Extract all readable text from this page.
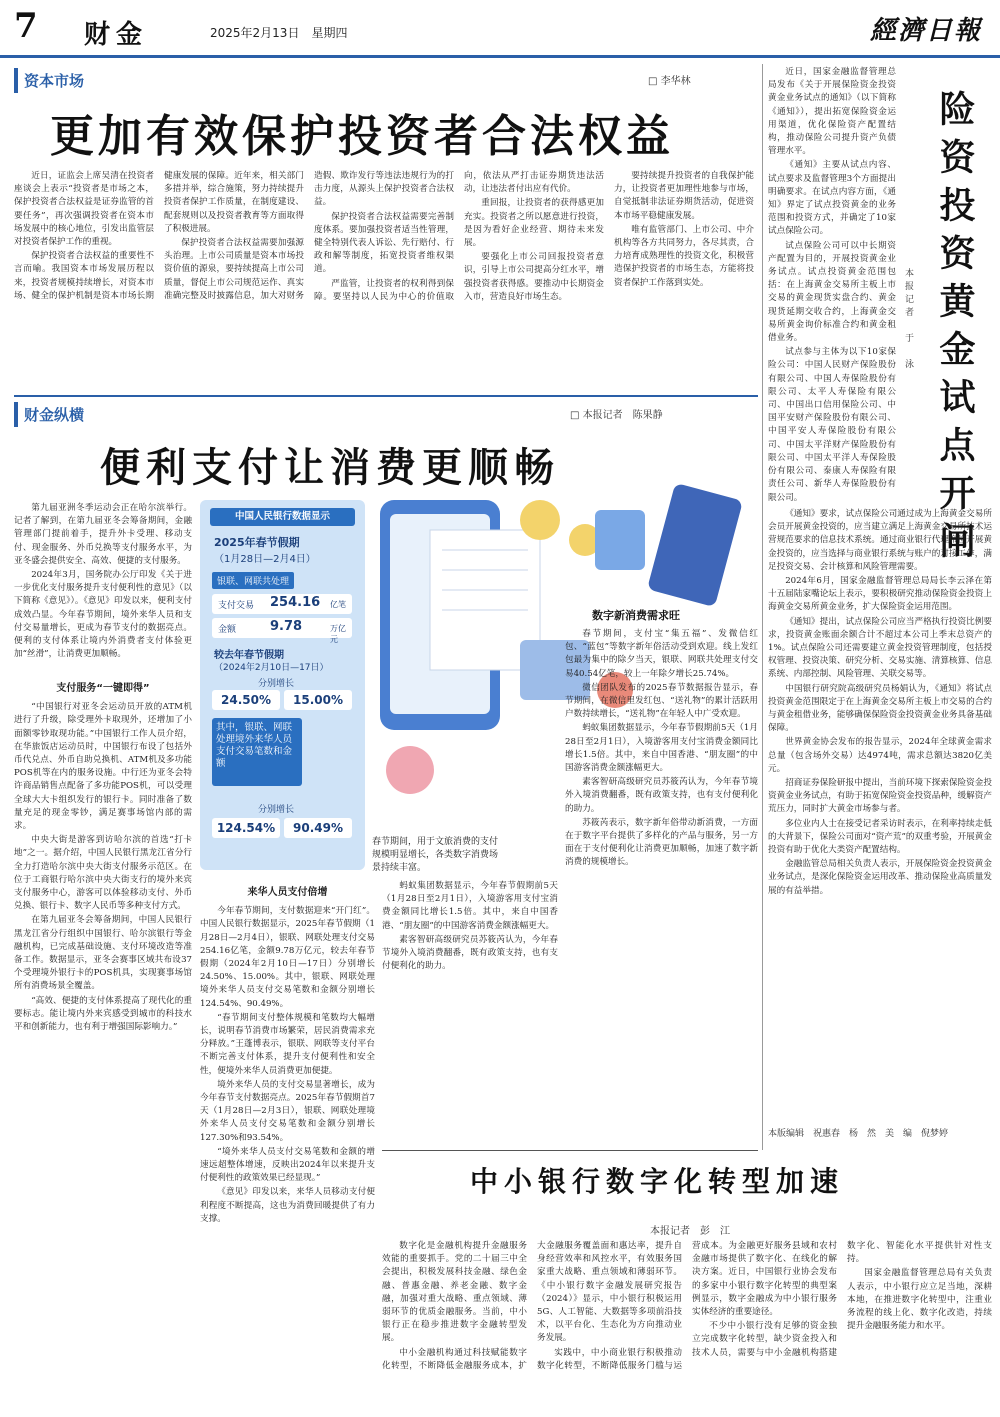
7 财金	2025年2月13日　星期四	經濟日報
资本市场	□ 李华林
更加有效保护投资者合法权益

近日，证监会上席吴清在投资者座谈会上表示“投资者是市场之本，保护投资者合法权益是证券监管的首要任务”，再次强调投资者在资本市场发展中的核心地位，引发出监管层对投资者保护工作的重视。

保护投资者合法权益的重要性不言而喻。我国资本市场发展历程以来，投资者规模持续增长，对资本市场、健全的保护机制是资本市场长期健康发展的保障。近年来，相关部门多措并举，综合施策，努力持续提升投资者保护工作质量，在制度建设、配套规则以及投资者教育等方面取得了积极进展。

保护投资者合法权益需要加强源头治理。上市公司质量是资本市场投资价值的源泉，要持续提高上市公司质量，督促上市公司规范运作、真实准确完整及时披露信息，加大对财务造假、欺诈发行等违法违规行为的打击力度，从源头上保护投资者合法权益。

保护投资者合法权益需要完善制度体系。要加强投资者适当性管理，健全特别代表人诉讼、先行赔付、行政和解等制度，拓宽投资者维权渠道。

严监管，让投资者的权利得到保障。要坚持以人民为中心的价值取向，依法从严打击证券期货违法活动，让违法者付出应有代价。

重回报，让投资者的获得感更加充实。投资者之所以愿意进行投资，是因为看好企业经营、期待未来发展。

要强化上市公司回报投资者意识，引导上市公司提高分红水平，增强投资者获得感。要推动中长期资金入市，营造良好市场生态。

要持续提升投资者的自我保护能力，让投资者更加理性地参与市场，自觉抵制非法证券期货活动，促进资本市场平稳健康发展。

唯有监管部门、上市公司、中介机构等各方共同努力，各尽其责，合力培育成熟理性的投资文化，积极营造保护投资者的市场生态，方能将投资者保护工作落到实处。

财金纵横	□ 本报记者　陈果静
便利支付让消费更顺畅

第九届亚洲冬季运动会正在哈尔滨举行。记者了解到，在第九届亚冬会筹备期间，金融管理部门提前着手，提升外卡受理、移动支付、现金服务、外币兑换等支付服务水平，为亚冬盛会提供安全、高效、便捷的支付服务。

2024年3月，国务院办公厅印发《关于进一步优化支付服务提升支付便利性的意见》（以下简称《意见》）。《意见》印发以来，便利支付成效凸显。今年春节期间，境外来华人员和支付交易量增长，更成为春节支付的数据亮点。便利的支付体系让境内外消费者支付体验更加“丝滑”，让消费更加顺畅。

支付服务“一键即得”

“中国银行对亚冬会运动员开放的ATM机进行了升级，除受理外卡取现外，还增加了小面额零钞取现功能。”中国银行工作人员介绍，在华旅饭店运动员时，中国银行布设了包括外币代兑点、外币自助兑换机、ATM机及多功能POS机等在内的服务设施。中行还为亚冬会特许商品销售点配备了多功能POS机，可以受理全球大大卡组织发行的银行卡。同时准备了数量充足的现金零钞，满足赛事场馆内部的需求。

中央大街是游客到访哈尔滨的首选“打卡地”之一。据介绍，中国人民银行黑龙江省分行全力打造哈尔滨中央大街支付服务示范区。在位于工商银行哈尔滨中央大街支行的境外来宾支付服务中心，游客可以体验移动支付、外币兑换、银行卡、数字人民币等多种支付方式。

在第九届亚冬会筹备期间，中国人民银行黑龙江省分行组织中国银行、哈尔滨银行等金融机构，已完成基础设施、支付环境改造等准备工作。数据显示，亚冬会赛事区域共布设37个受理境外银行卡的POS机具，实现赛事场馆所有消费场景全覆盖。

“高效、便捷的支付体系提高了现代化的重要标志。能让境内外来宾感受到城市的科技水平和创新能力，也有利于增强国际影响力。”

中国人民银行数据显示
2025年春节假期
（1月28日—2月4日）
银联、网联共处理
支付交易 254.16 亿笔
金额	9.78	万亿元
较去年春节假期
（2024年2月10日—17日）
分别增长
24.50%	15.00%
其中，银联、网联处理境外来华人员支付交易笔数和金额
分别增长
124.54%	90.49%
春节期间，用于文旅消费的支付规模明显增长，各类数字消费场景持续丰富。
数字新消费需求旺

春节期间，支付宝“集五福”、发微信红包、“蓝包”等数字新年俗活动受到欢迎。线上发红包最为集中的除夕当天，银联、网联共处理支付交易40.54亿笔，较上一年除夕增长25.74%。

微信团队发布的2025春节数据报告显示，春节期间，在微信里发红包、“送礼物”的累计活跃用户数持续增长，“送礼物”在年轻人中广受欢迎。

蚂蚁集团数据显示，今年春节假期前5天（1月28日至2月1日），入境游客用支付宝消费金额同比增长1.5倍。其中，来自中国香港、“朋友圈”的中国游客消费金额涨幅更大。

素客智研高级研究员苏筱芮认为，今年春节境外入境消费翻番，既有政策支持，也有支付便利化的助力。

苏筱芮表示，数字新年俗带动新消费，一方面在于数字平台提供了多样化的产品与服务，另一方面在于支付便利化让消费更加顺畅，加速了数字新消费的规模增长。

来华人员支付倍增

今年春节期间，支付数据迎来“开门红”。中国人民银行数据显示，2025年春节假期（1月28日—2月4日），银联、网联处理支付交易254.16亿笔，金额9.78万亿元，较去年春节假期（2024年2月10日—17日）分别增长24.50%、15.00%。其中，银联、网联处理境外来华人员支付交易笔数和金额分别增长124.54%、90.49%。

“春节期间支付整体规模和笔数均大幅增长，说明春节消费市场繁荣，居民消费需求充分释放。”王蓬博表示，银联、网联等支付平台不断完善支付体系，提升支付便利性和安全性，便境外来华人员消费更加便捷。

境外来华人员的支付交易显著增长，成为今年春节支付数据亮点。2025年春节假期首7天（1月28日—2月3日），银联、网联处理境外来华人员支付交易笔数和金额分别增长127.30%和93.54%。

“境外来华人员支付交易笔数和金额的增速远超整体增速，反映出2024年以来提升支付便利性的政策效果已经显现。”

《意见》印发以来，来华人员移动支付便利程度不断提高，这也为消费回暖提供了有力支撑。

蚂蚁集团数据显示，今年春节假期前5天（1月28日至2月1日），入境游客用支付宝消费金额同比增长1.5倍。其中，来自中国香港、“朋友圈”的中国游客消费金额涨幅更大。

素客智研高级研究员苏筱芮认为，今年春节境外入境消费翻番，既有政策支持，也有支付便利化的助力。

中小银行数字化转型加速
本报记者　彭　江

数字化是金融机构提升金融服务效能的重要抓手。党的二十届三中全会提出，积极发展科技金融、绿色金融、普惠金融、养老金融、数字金融，加强对重大战略、重点领域、薄弱环节的优质金融服务。当前，中小银行正在稳步推进数字金融转型发展。

中小金融机构通过科技赋能数字化转型，不断降低金融服务成本，扩大金融服务覆盖面和惠达率，提升自身经营效率和风控水平，有效服务国家重大战略、重点领域和薄弱环节。《中小银行数字金融发展研究报告（2024）》显示，中小银行积极运用5G、人工智能、大数据等多项前沿技术，以平台化、生态化为方向推动业务发展。

实践中，中小商业银行积极推动数字化转型，不断降低服务门槛与运营成本。为金融更好服务县域和农村金融市场提供了数字化、在线化的解决方案。近日，中国银行业协会发布的多家中小银行数字化转型的典型案例显示，数字金融成为中小银行服务实体经济的重要途径。

不少中小银行没有足够的资金独立完成数字化转型，缺少资金投入和技术人员，需要与中小金融机构搭建数字化、智能化水平提供针对性支持。

国家金融监督管理总局有关负责人表示，中小银行应立足当地，深耕本地，在推进数字化转型中，注重业务流程的线上化、数字化改造，持续提升金融服务能力和水平。

险资投资黄金试点开闸
本报记者　于　泳

近日，国家金融监督管理总局发布《关于开展保险资金投资黄金业务试点的通知》（以下简称《通知》），提出拓宽保险资金运用渠道，优化保险资产配置结构，推动保险公司提升资产负债管理水平。

《通知》主要从试点内容、试点要求及监督管理3个方面提出明确要求。在试点内容方面，《通知》界定了试点投资黄金的业务范围和投资方式，并确定了10家试点保险公司。

试点保险公司可以中长期资产配置为目的，开展投资黄金业务试点。试点投资黄金范围包括：在上海黄金交易所主板上市交易的黄金现货实盘合约、黄金现货延期交收合约，上海黄金交易所黄金询价标准合约和黄金租借业务。

试点参与主体为以下10家保险公司：中国人民财产保险股份有限公司、中国人寿保险股份有限公司、太平人寿保险有限公司、中国出口信用保险公司、中国平安财产保险股份有限公司、中国平安人寿保险股份有限公司、中国太平洋财产保险股份有限公司、中国太平洋人寿保险股份有限公司、泰康人寿保险有限责任公司、新华人寿保险股份有限公司。

《通知》要求，试点保险公司通过成为上海黄金交易所会员开展黄金投资的，应当建立满足上海黄金交易所技术运营规范要求的信息技术系统。通过商业银行代理席位开展黄金投资的，应当选择与商业银行系统与账户的对接工作，满足投资交易、会计核算和风险管理需要。

2024年6月，国家金融监督管理总局局长李云泽在第十五届陆家嘴论坛上表示，要积极研究推动保险资金投资上海黄金交易所黄金业务，扩大保险资金运用范围。

《通知》提出，试点保险公司应当严格执行投资比例要求，投资黄金账面余额合计不超过本公司上季末总资产的1%。试点保险公司还需要建立黄金投资管理制度，包括授权管理、投资决策、研究分析、交易实施、清算核算、信息系统、内部控制、风险管理、关联交易等。

中国银行研究院高级研究员杨娟认为，《通知》将试点投资黄金范围限定于在上海黄金交易所主板上市交易的合约与黄金租借业务，能够确保保险资金投资黄金业务具备基础保障。

世界黄金协会发布的报告显示，2024年全球黄金需求总量（包含场外交易）达4974吨，需求总额达3820亿美元。

招商证券保险研报中提出，当前环境下探索保险资金投资黄金业务试点，有助于拓宽保险资金投资品种，缓解资产荒压力，同时扩大黄金市场参与者。

多位业内人士在接受记者采访时表示，在利率持续走低的大背景下，保险公司面对“资产荒”的双重考验，开展黄金投资有助于优化大类资产配置结构。

金融监管总局相关负责人表示，开展保险资金投资黄金业务试点，是深化保险资金运用改革、推动保险业高质量发展的有益举措。

本版编辑　祝惠春　杨　然　美　编　倪梦婷
